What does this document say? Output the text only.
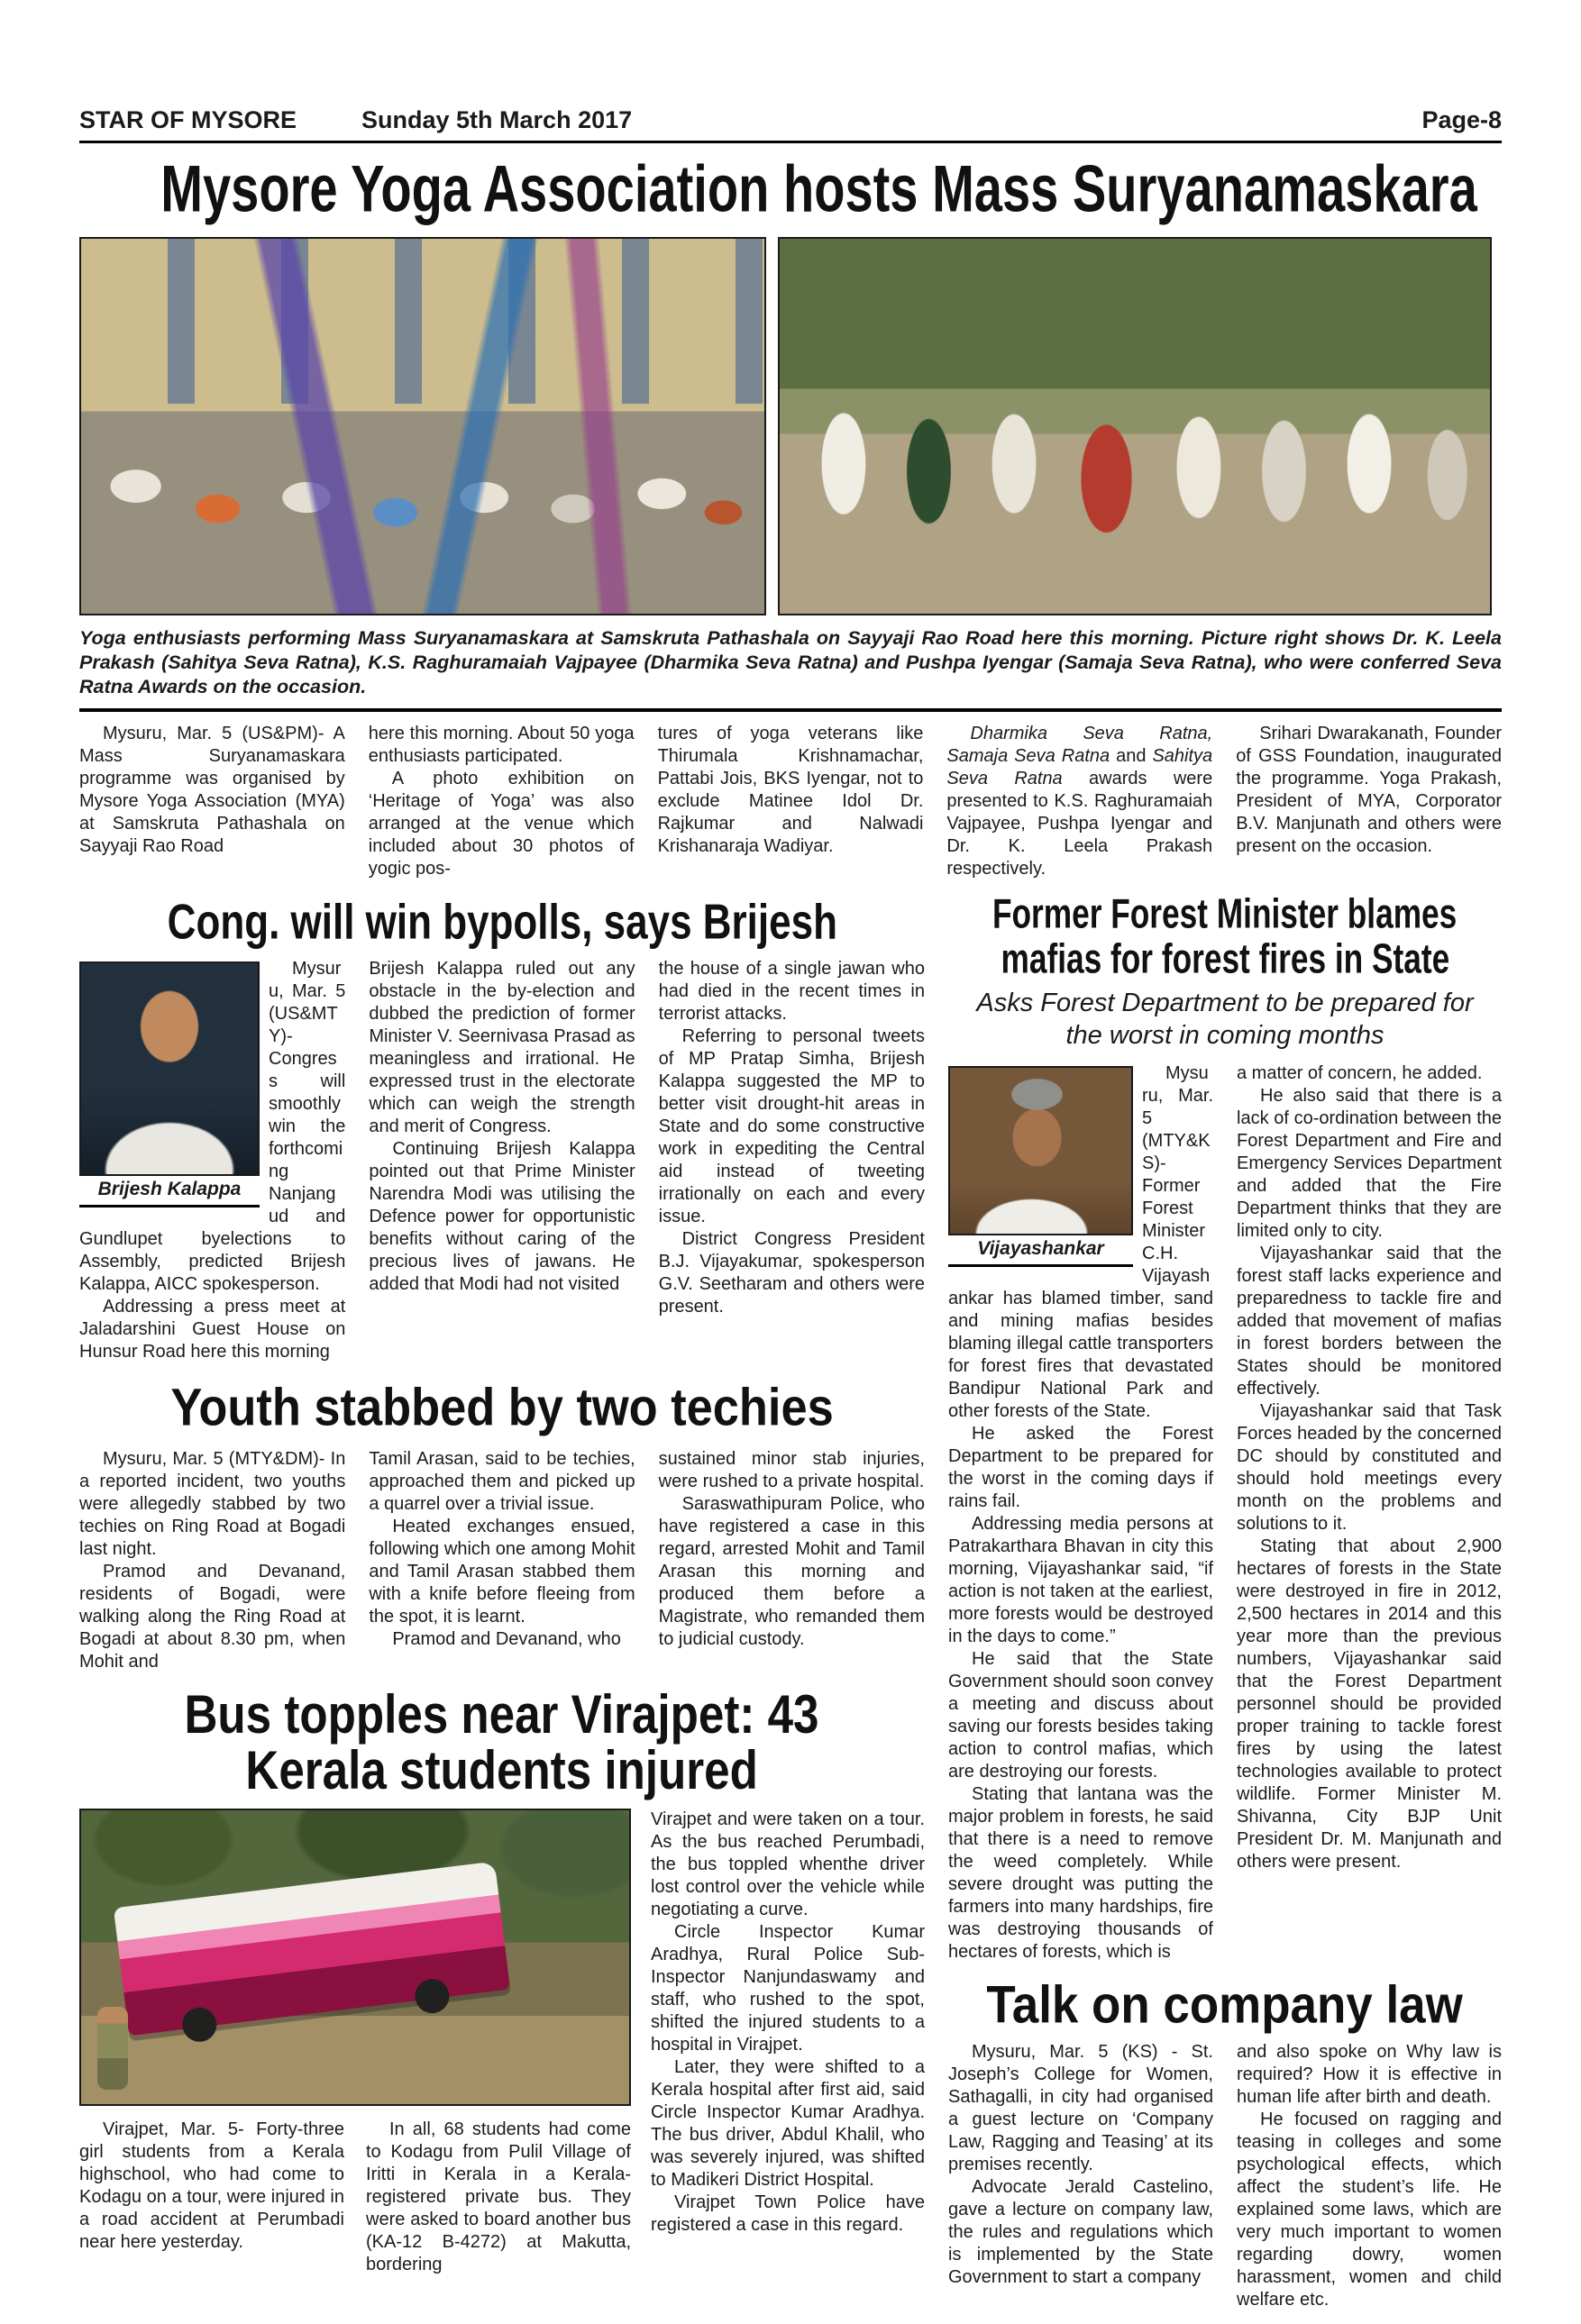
STAR OF MYSORE	Sunday 5th March 2017	Page-8
Mysore Yoga Association hosts Mass Suryanamaskara

Yoga enthusiasts performing Mass Suryanamaskara at Samskruta Pathashala on Sayyaji Rao Road here this morning. Picture right shows Dr. K. Leela Prakash (Sahitya Seva Ratna), K.S. Raghuramaiah Vajpayee (Dharmika Seva Ratna) and Pushpa Iyengar (Samaja Seva Ratna), who were conferred Seva Ratna Awards on the occasion.

Mysuru, Mar. 5 (US&PM)- A Mass Suryanamaskara programme was organised by Mysore Yoga Association (MYA) at Samskruta Pathashala on Sayyaji Rao Road

here this morning. About 50 yoga enthusiasts participated.

A photo exhibition on ‘Heritage of Yoga’ was also arranged at the venue which included about 30 photos of yogic pos-

tures of yoga veterans like Thirumala Krishnamachar, Pattabi Jois, BKS Iyengar, not to exclude Matinee Idol Dr. Rajkumar and Nalwadi Krishanaraja Wadiyar.

Dharmika Seva Ratna, Samaja Seva Ratna and Sahitya Seva Ratna awards were presented to K.S. Raghuramaiah Vajpayee, Pushpa Iyengar and Dr. K. Leela Prakash respectively.

Srihari Dwarakanath, Founder of GSS Foundation, inaugurated the programme. Yoga Prakash, President of MYA, Corporator B.V. Manjunath and others were present on the occasion.

Cong. will win bypolls, says Brijesh
Brijesh Kalappa

Mysuru, Mar. 5 (US&MTY)- Congress will smoothly win the forthcoming Nanjangud and Gundlupet byelections to Assembly, predicted Brijesh Kalappa, AICC spokesperson.

Addressing a press meet at Jaladarshini Guest House on Hunsur Road here this morning

Brijesh Kalappa ruled out any obstacle in the by-election and dubbed the prediction of former Minister V. Seernivasa Prasad as meaningless and irrational. He expressed trust in the electorate which can weigh the strength and merit of Congress.

Continuing Brijesh Kalappa pointed out that Prime Minister Narendra Modi was utilising the Defence power for opportunistic benefits without caring of the precious lives of jawans. He added that Modi had not visited

the house of a single jawan who had died in the recent times in terrorist attacks.

Referring to personal tweets of MP Pratap Simha, Brijesh Kalappa suggested the MP to better visit drought-hit areas in State and do some constructive work in expediting the Central aid instead of tweeting irrationally on each and every issue.

District Congress President B.J. Vijayakumar, spokesperson G.V. Seetharam and others were present.

Youth stabbed by two techies

Mysuru, Mar. 5 (MTY&DM)- In a reported incident, two youths were allegedly stabbed by two techies on Ring Road at Bogadi last night.

Pramod and Devanand, residents of Bogadi, were walking along the Ring Road at Bogadi at about 8.30 pm, when Mohit and

Tamil Arasan, said to be techies, approached them and picked up a quarrel over a trivial issue.

Heated exchanges ensued, following which one among Mohit and Tamil Arasan stabbed them with a knife before fleeing from the spot, it is learnt.

Pramod and Devanand, who

sustained minor stab injuries, were rushed to a private hospital.

Saraswathipuram Police, who have registered a case in this regard, arrested Mohit and Tamil Arasan this morning and produced them before a Magistrate, who remanded them to judicial custody.

Bus topples near Virajpet: 43
Kerala students injured

Virajpet, Mar. 5- Forty-three girl students from a Kerala highschool, who had come to Kodagu on a tour, were injured in a road accident at Perumbadi near here yesterday.

In all, 68 students had come to Kodagu from Pulil Village of Iritti in Kerala in a Kerala-registered private bus. They were asked to board another bus (KA-12 B-4272) at Makutta, bordering

Virajpet and were taken on a tour. As the bus reached Perumbadi, the bus toppled whenthe driver lost control over the vehicle while negotiating a curve.

Circle Inspector Kumar Aradhya, Rural Police Sub-Inspector Nanjundaswamy and staff, who rushed to the spot, shifted the injured students to a hospital in Virajpet.

Later, they were shifted to a Kerala hospital after first aid, said Circle Inspector Kumar Aradhya. The bus driver, Abdul Khalil, who was severely injured, was shifted to Madikeri District Hospital.

Virajpet Town Police have registered a case in this regard.

Former Forest Minister blames
mafias for forest fires in State
Asks Forest Department to be prepared for the worst in coming months
Vijayashankar

Mysuru, Mar. 5 (MTY&KS)- Former Forest Minister C.H. Vijayashankar has blamed timber, sand and mining mafias besides blaming illegal cattle transporters for forest fires that devastated Bandipur National Park and other forests of the State.

He asked the Forest Department to be prepared for the worst in the coming days if rains fail.

Addressing media persons at Patrakarthara Bhavan in city this morning, Vijayashankar said, “if action is not taken at the earliest, more forests would be destroyed in the days to come.”

He said that the State Government should soon convey a meeting and discuss about saving our forests besides taking action to control mafias, which are destroying our forests.

Stating that lantana was the major problem in forests, he said that there is a need to remove the weed completely. While severe drought was putting the farmers into many hardships, fire was destroying thousands of hectares of forests, which is

a matter of concern, he added.

He also said that there is a lack of co-ordination between the Forest Department and Fire and Emergency Services Department and added that the Fire Department thinks that they are limited only to city.

Vijayashankar said that the forest staff lacks experience and preparedness to tackle fire and added that movement of mafias in forest borders between the States should be monitored effectively.

Vijayashankar said that Task Forces headed by the concerned DC should by constituted and should hold meetings every month on the problems and solutions to it.

Stating that about 2,900 hectares of forests in the State were destroyed in fire in 2012, 2,500 hectares in 2014 and this year more than the previous numbers, Vijayashankar said that the Forest Department personnel should be provided proper training to tackle forest fires by using the latest technologies available to protect wildlife. Former Minister M. Shivanna, City BJP Unit President Dr. M. Manjunath and others were present.

Talk on company law

Mysuru, Mar. 5 (KS) - St. Joseph’s College for Women, Sathagalli, in city had organised a guest lecture on ‘Company Law, Ragging and Teasing’ at its premises recently.

Advocate Jerald Castelino, gave a lecture on company law, the rules and regulations which is implemented by the State Government to start a company

and also spoke on Why law is required? How it is effective in human life after birth and death.

He focused on ragging and teasing in colleges and some psychological effects, which affect the student’s life. He explained some laws, which are very much important to women regarding dowry, women harassment, women and child welfare etc.
